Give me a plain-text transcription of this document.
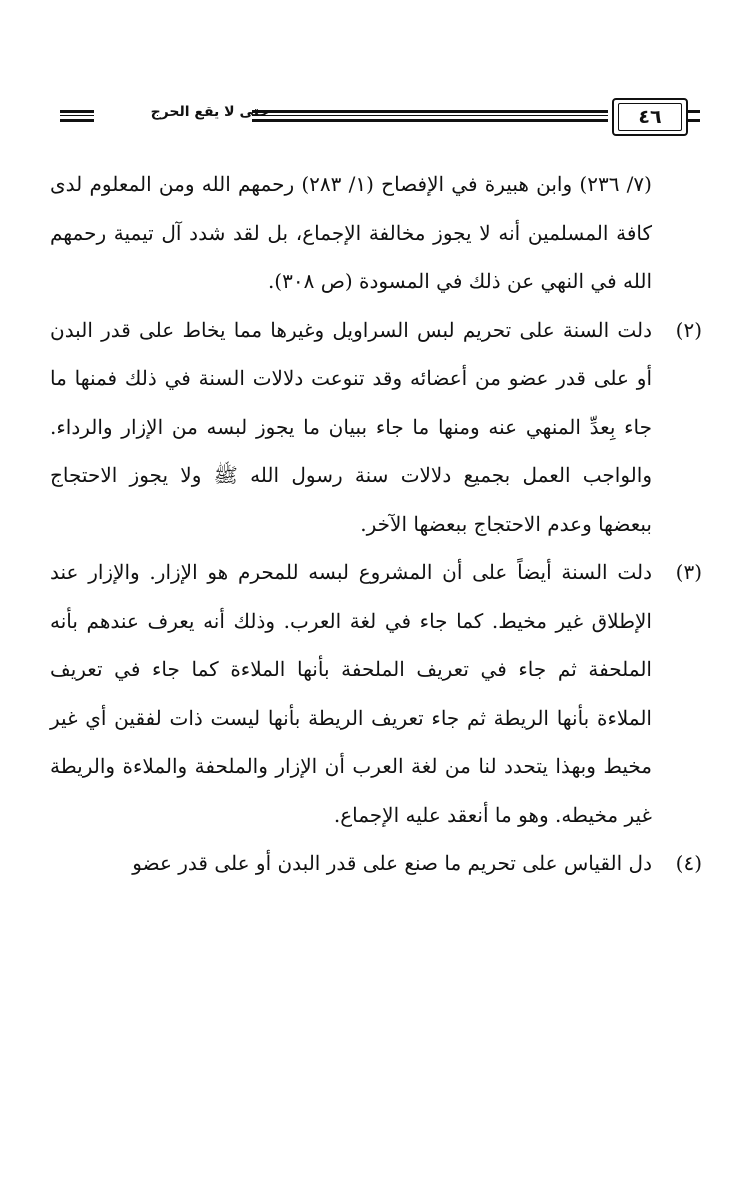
حتى لا يقع الحرج	٤٦

(٧/ ٢٣٦) وابن هبيرة في الإفصاح (١/ ٢٨٣) رحمهم الله ومن المعلوم لدى كافة المسلمين أنه لا يجوز مخالفة الإجماع، بل لقد شدد آل تيمية رحمهم الله في النهي عن ذلك في المسودة (ص ٣٠٨).

(٢)
دلت السنة على تحريم لبس السراويل وغيرها مما يخاط على قدر البدن أو على قدر عضو من أعضائه وقد تنوعت دلالات السنة في ذلك فمنها ما جاء بِعدِّ المنهي عنه ومنها ما جاء ببيان ما يجوز لبسه من الإزار والرداء. والواجب العمل بجميع دلالات سنة رسول الله ﷺ ولا يجوز الاحتجاج ببعضها وعدم الاحتجاج ببعضها الآخر.
(٣)
دلت السنة أيضاً على أن المشروع لبسه للمحرم هو الإزار. والإزار عند الإطلاق غير مخيط. كما جاء في لغة العرب. وذلك أنه يعرف عندهم بأنه الملحفة ثم جاء في تعريف الملحفة بأنها الملاءة كما جاء في تعريف الملاءة بأنها الريطة ثم جاء تعريف الريطة بأنها ليست ذات لفقين أي غير مخيط وبهذا يتحدد لنا من لغة العرب أن الإزار والملحفة والملاءة والريطة غير مخيطه. وهو ما أنعقد عليه الإجماع.
(٤)
دل القياس على تحريم ما صنع على قدر البدن أو على قدر عضو
